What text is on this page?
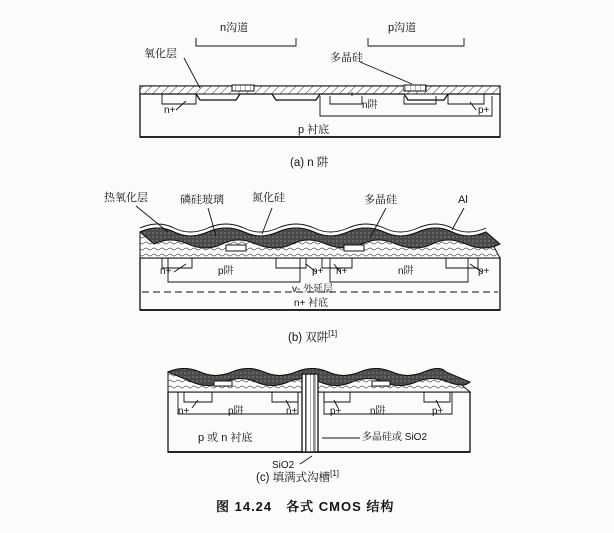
n沟道	p沟道
氧化层	多晶硅
n+	p+
n阱
p 衬底
(a) n 阱
热氧化层	磷硅玻璃	氮化硅	多晶硅	Al
n+	p阱	p+ n+	n阱	p+
v- 外延层
n+ 衬底
(b) 双阱[1]
n+	p阱	n+	p+	n阱	p+
p 或 n 衬底	多晶硅或 SiO2
SiO2
(c) 填满式沟槽[1]
图 14.24　各式 CMOS 结构
